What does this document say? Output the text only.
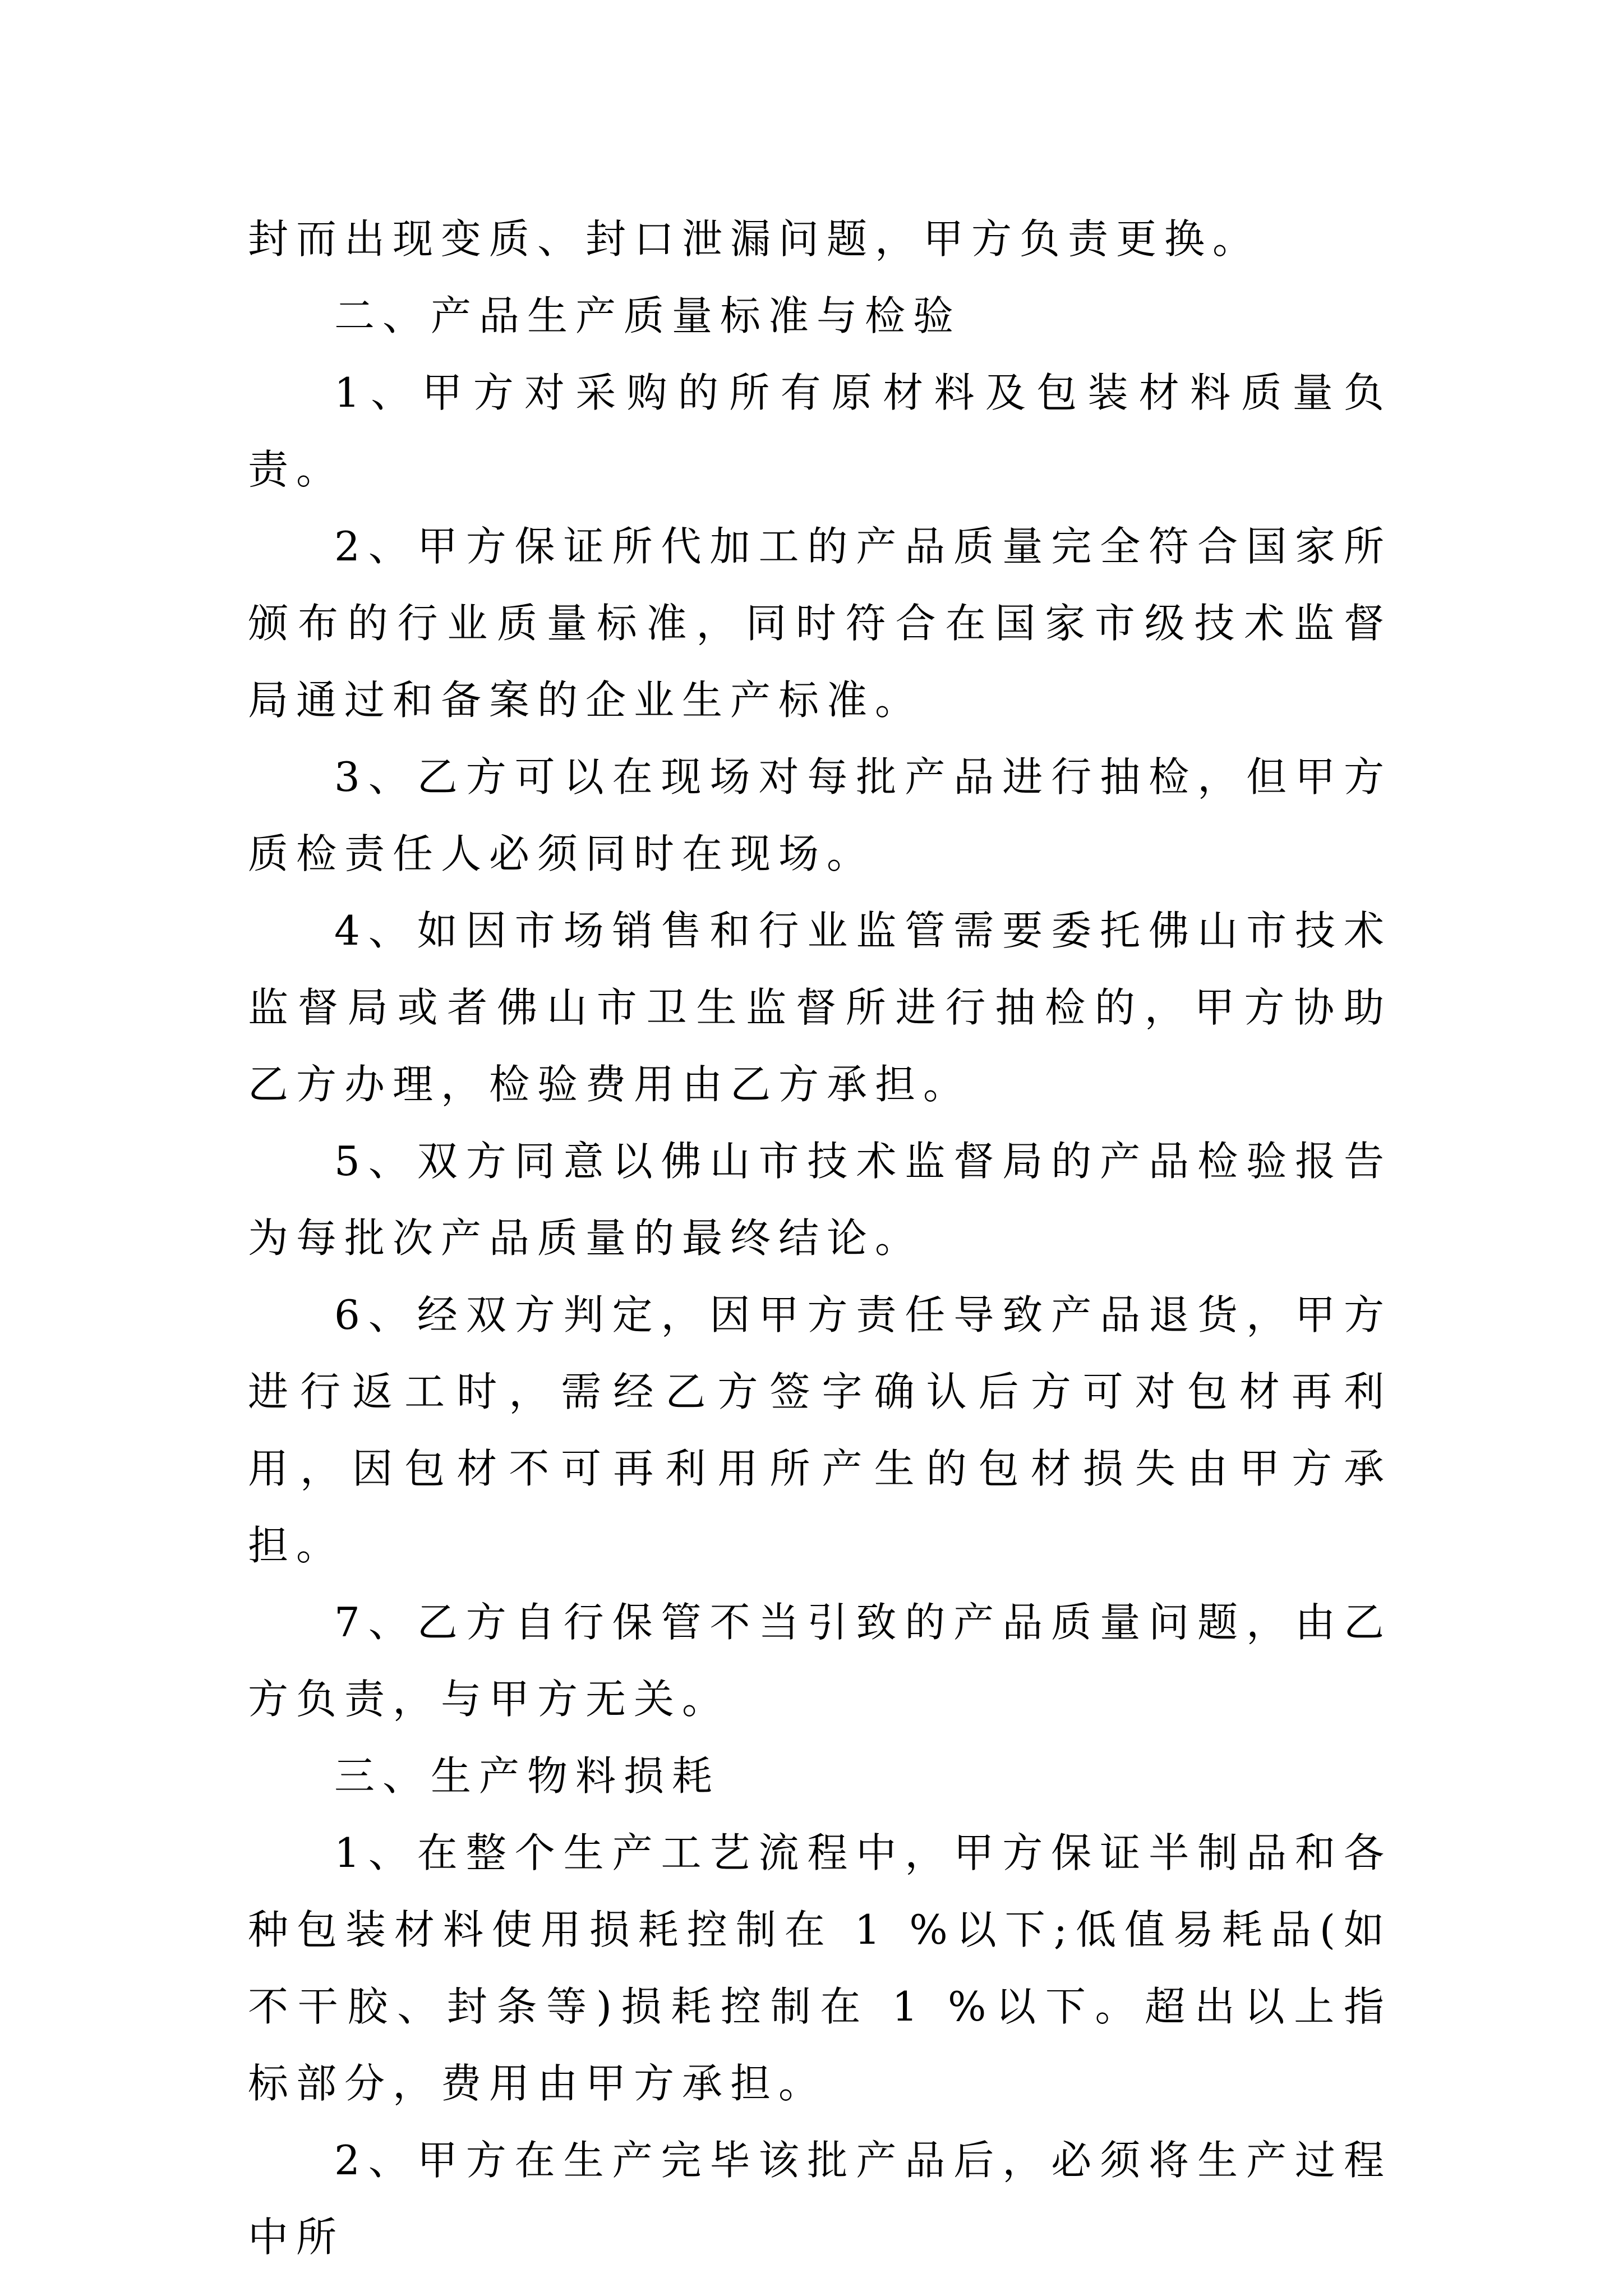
封而出现变质、封口泄漏问题，甲方负责更换。

二、产品生产质量标准与检验

1、甲方对采购的所有原材料及包装材料质量负责。

2、甲方保证所代加工的产品质量完全符合国家所颁布的行业质量标准，同时符合在国家市级技术监督局通过和备案的企业生产标准。

3、乙方可以在现场对每批产品进行抽检，但甲方质检责任人必须同时在现场。

4、如因市场销售和行业监管需要委托佛山市技术监督局或者佛山市卫生监督所进行抽检的，甲方协助乙方办理，检验费用由乙方承担。

5、双方同意以佛山市技术监督局的产品检验报告为每批次产品质量的最终结论。

6、经双方判定，因甲方责任导致产品退货，甲方进行返工时，需经乙方签字确认后方可对包材再利用，因包材不可再利用所产生的包材损失由甲方承担。

7、乙方自行保管不当引致的产品质量问题，由乙方负责，与甲方无关。

三、生产物料损耗

1、在整个生产工艺流程中，甲方保证半制品和各种包装材料使用损耗控制在 1 %以下;低值易耗品(如不干胶、封条等)损耗控制在 1 %以下。超出以上指标部分，费用由甲方承担。

2、甲方在生产完毕该批产品后，必须将生产过程中所
